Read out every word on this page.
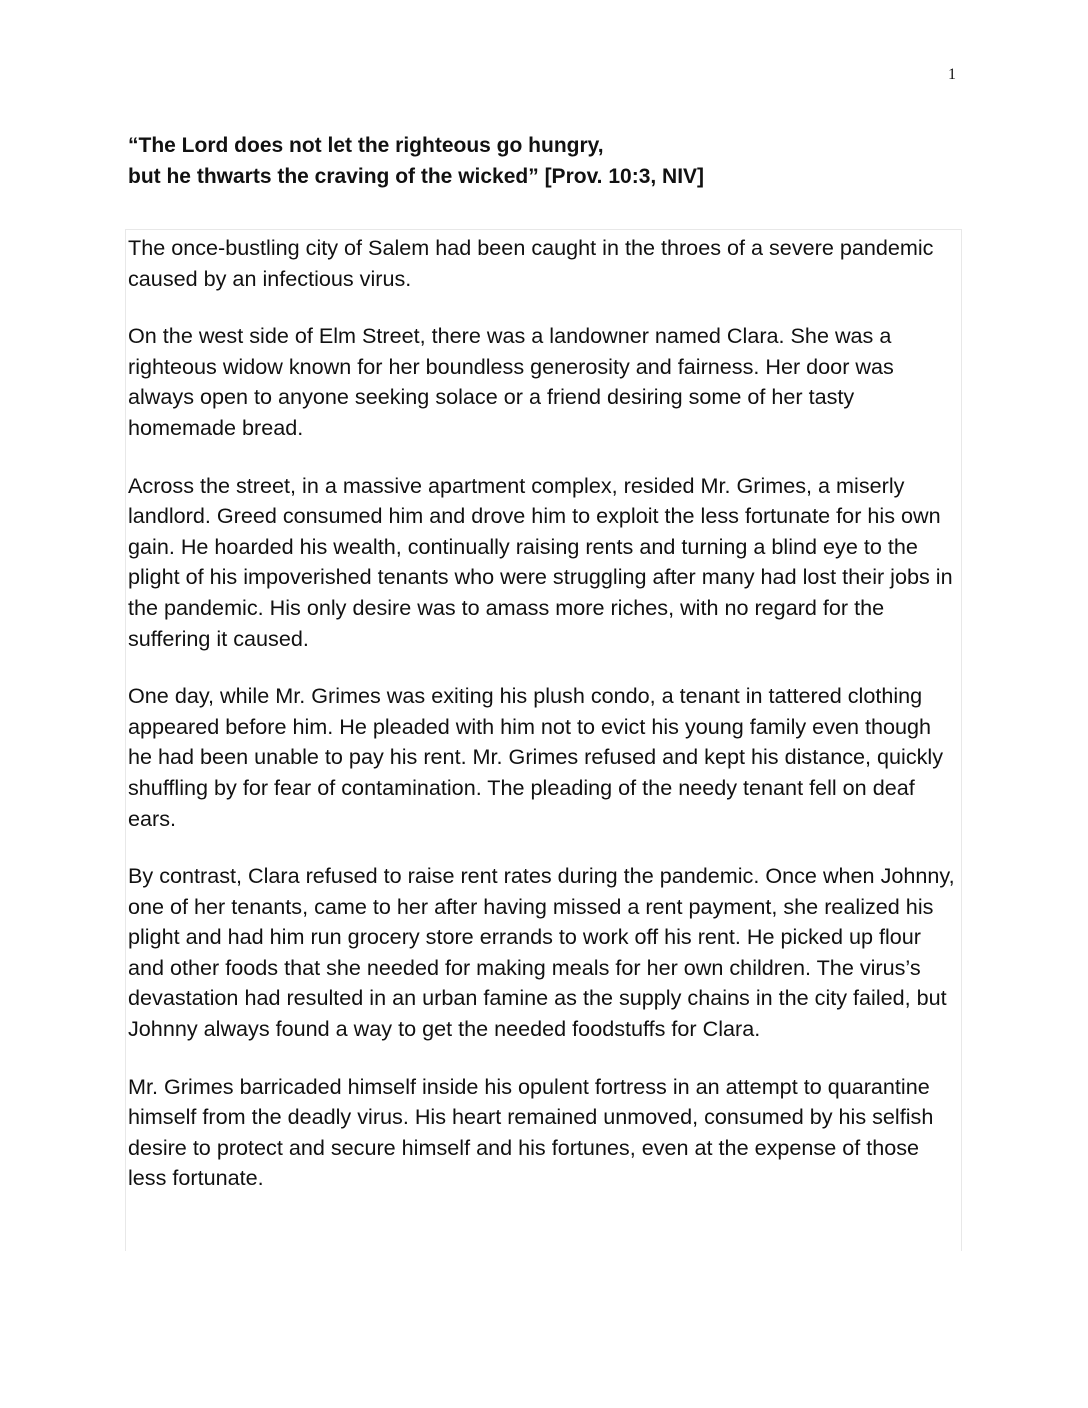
1
“The Lord does not let the righteous go hungry,
but he thwarts the craving of the wicked” [Prov. 10:3, NIV]

The once-bustling city of Salem had been caught in the throes of a severe pandemic caused by an infectious virus.

On the west side of Elm Street, there was a landowner named Clara. She was a righteous widow known for her boundless generosity and fairness. Her door was always open to anyone seeking solace or a friend desiring some of her tasty homemade bread.

Across the street, in a massive apartment complex, resided Mr. Grimes, a miserly landlord. Greed consumed him and drove him to exploit the less fortunate for his own gain. He hoarded his wealth, continually raising rents and turning a blind eye to the plight of his impoverished tenants who were struggling after many had lost their jobs in the pandemic. His only desire was to amass more riches, with no regard for the suffering it caused.

One day, while Mr. Grimes was exiting his plush condo, a tenant in tattered clothing appeared before him. He pleaded with him not to evict his young family even though he had been unable to pay his rent. Mr. Grimes refused and kept his distance, quickly shuffling by for fear of contamination. The pleading of the needy tenant fell on deaf ears.

By contrast, Clara refused to raise rent rates during the pandemic. Once when Johnny, one of her tenants, came to her after having missed a rent payment, she realized his plight and had him run grocery store errands to work off his rent. He picked up flour and other foods that she needed for making meals for her own children. The virus’s devastation had resulted in an urban famine as the supply chains in the city failed, but Johnny always found a way to get the needed foodstuffs for Clara.

Mr. Grimes barricaded himself inside his opulent fortress in an attempt to quarantine himself from the deadly virus. His heart remained unmoved, consumed by his selfish desire to protect and secure himself and his fortunes, even at the expense of those less fortunate.
